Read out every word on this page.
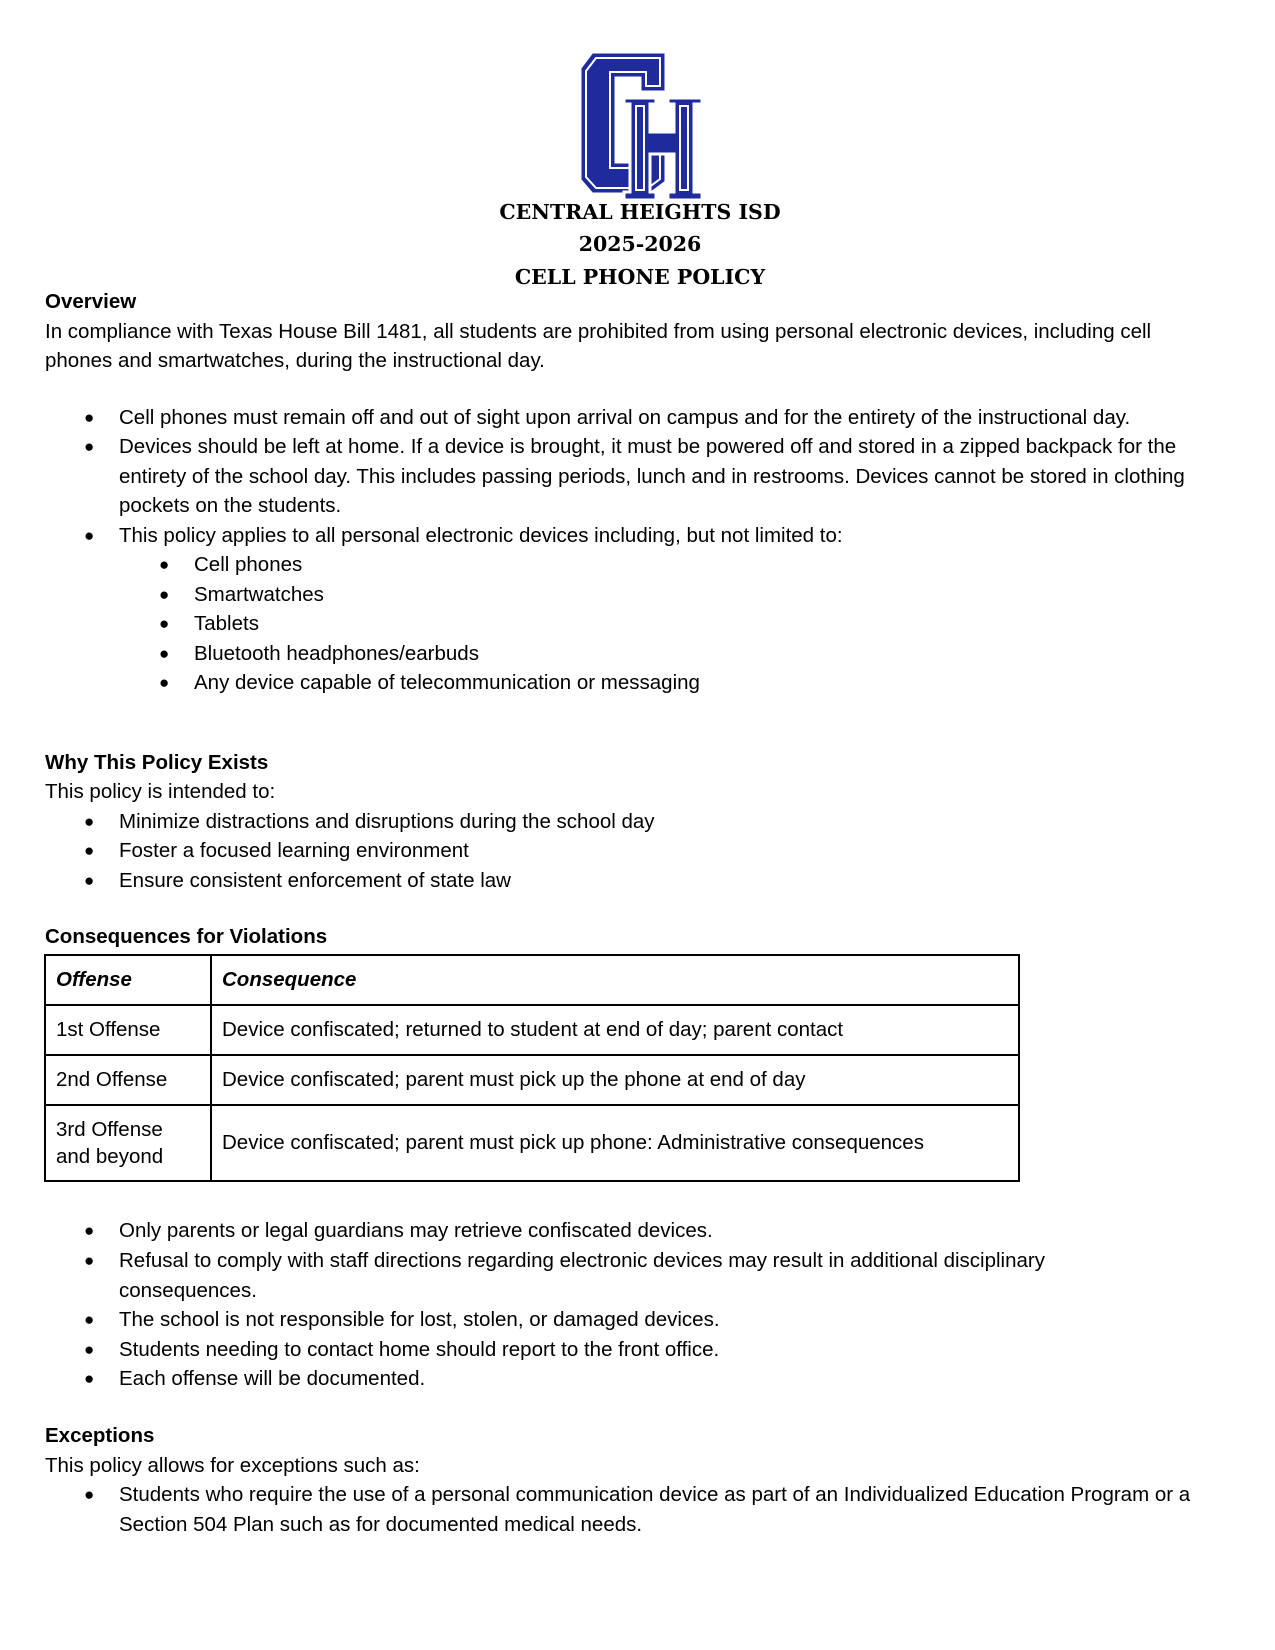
CENTRAL HEIGHTS ISD
2025-2026
CELL PHONE POLICY
Overview
In compliance with Texas House Bill 1481, all students are prohibited from using personal electronic devices, including cell
phones and smartwatches, during the instructional day.
● Cell phones must remain off and out of sight upon arrival on campus and for the entirety of the instructional day.
● Devices should be left at home. If a device is brought, it must be powered off and stored in a zipped backpack for the entirety of the school day. This includes passing periods, lunch and in restrooms. Devices cannot be stored in clothing pockets on the students.
● This policy applies to all personal electronic devices including, but not limited to:
● Cell phones
● Smartwatches
● Tablets
● Bluetooth headphones/earbuds
● Any device capable of telecommunication or messaging
Why This Policy Exists
This policy is intended to:
● Minimize distractions and disruptions during the school day
● Foster a focused learning environment
● Ensure consistent enforcement of state law
Consequences for Violations
Offense	Consequence
1st Offense	Device confiscated; returned to student at end of day; parent contact
2nd Offense	Device confiscated; parent must pick up the phone at end of day
3rd Offense and beyond	Device confiscated; parent must pick up phone: Administrative consequences
● Only parents or legal guardians may retrieve confiscated devices.
● Refusal to comply with staff directions regarding electronic devices may result in additional disciplinary consequences.
● The school is not responsible for lost, stolen, or damaged devices.
● Students needing to contact home should report to the front office.
● Each offense will be documented.
Exceptions
This policy allows for exceptions such as:
● Students who require the use of a personal communication device as part of an Individualized Education Program or a Section 504 Plan such as for documented medical needs.
